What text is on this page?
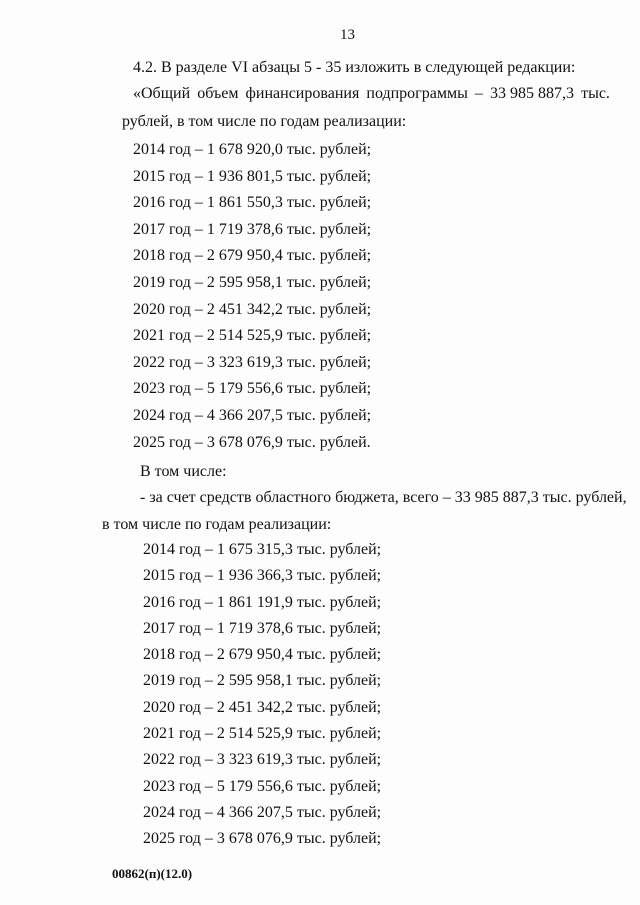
13
4.2. В разделе VI абзацы 5 - 35 изложить в следующей редакции:
«Общий объем финансирования подпрограммы – 33 985 887,3 тыс.
рублей, в том числе по годам реализации:
2014 год – 1 678 920,0 тыс. рублей;
2015 год – 1 936 801,5 тыс. рублей;
2016 год – 1 861 550,3 тыс. рублей;
2017 год – 1 719 378,6 тыс. рублей;
2018 год – 2 679 950,4 тыс. рублей;
2019 год – 2 595 958,1 тыс. рублей;
2020 год – 2 451 342,2 тыс. рублей;
2021 год – 2 514 525,9 тыс. рублей;
2022 год – 3 323 619,3 тыс. рублей;
2023 год – 5 179 556,6 тыс. рублей;
2024 год – 4 366 207,5 тыс. рублей;
2025 год – 3 678 076,9 тыс. рублей.
В том числе:
- за счет средств областного бюджета, всего – 33 985 887,3 тыс. рублей,
в том числе по годам реализации:
2014 год – 1 675 315,3 тыс. рублей;
2015 год – 1 936 366,3 тыс. рублей;
2016 год – 1 861 191,9 тыс. рублей;
2017 год – 1 719 378,6 тыс. рублей;
2018 год – 2 679 950,4 тыс. рублей;
2019 год – 2 595 958,1 тыс. рублей;
2020 год – 2 451 342,2 тыс. рублей;
2021 год – 2 514 525,9 тыс. рублей;
2022 год – 3 323 619,3 тыс. рублей;
2023 год – 5 179 556,6 тыс. рублей;
2024 год – 4 366 207,5 тыс. рублей;
2025 год – 3 678 076,9 тыс. рублей;
00862(п)(12.0)
